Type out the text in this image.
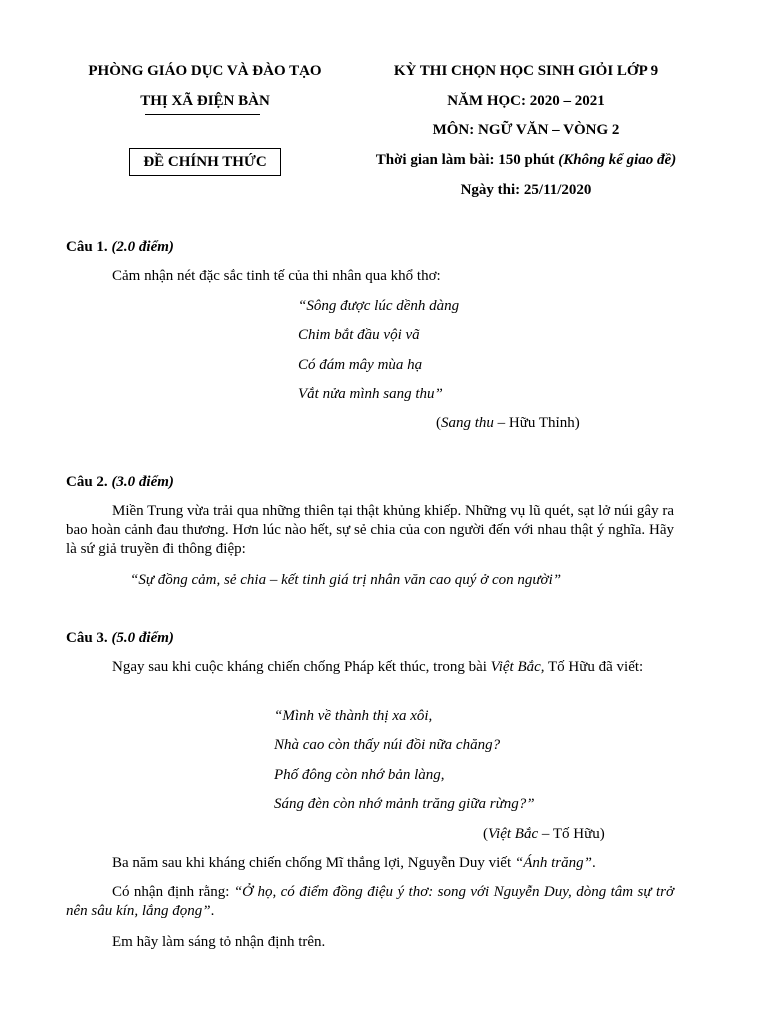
PHÒNG GIÁO DỤC VÀ ĐÀO TẠO
THỊ XÃ ĐIỆN BÀN
ĐỀ CHÍNH THỨC
KỲ THI CHỌN HỌC SINH GIỎI LỚP 9
NĂM HỌC: 2020 – 2021
MÔN: NGỮ VĂN – VÒNG 2
Thời gian làm bài: 150 phút (Không kể giao đề)
Ngày thi: 25/11/2020
Câu 1. (2.0 điểm)
Cảm nhận nét đặc sắc tinh tế của thi nhân qua khổ thơ:
“Sông được lúc dềnh dàng
Chim bắt đầu vội vã
Có đám mây mùa hạ
Vắt nửa mình sang thu”
(Sang thu – Hữu Thỉnh)
Câu 2. (3.0 điểm)
Miền Trung vừa trải qua những thiên tại thật khủng khiếp. Những vụ lũ quét, sạt lở núi gây ra bao hoàn cảnh đau thương. Hơn lúc nào hết, sự sẻ chia của con người đến với nhau thật ý nghĩa. Hãy là sứ giả truyền đi thông điệp:
“Sự đồng cảm, sẻ chia – kết tinh giá trị nhân văn cao quý ở con người”
Câu 3. (5.0 điểm)
Ngay sau khi cuộc kháng chiến chống Pháp kết thúc, trong bài Việt Bắc, Tố Hữu đã viết:
“Mình về thành thị xa xôi,
Nhà cao còn thấy núi đồi nữa chăng?
Phố đông còn nhớ bản làng,
Sáng đèn còn nhớ mảnh trăng giữa rừng?”
(Việt Bắc – Tố Hữu)
Ba năm sau khi kháng chiến chống Mĩ thắng lợi, Nguyễn Duy viết “Ánh trăng”.
Có nhận định rằng: “Ở họ, có điểm đồng điệu ý thơ: song với Nguyễn Duy, dòng tâm sự trở nên sâu kín, lắng đọng”.
Em hãy làm sáng tỏ nhận định trên.
